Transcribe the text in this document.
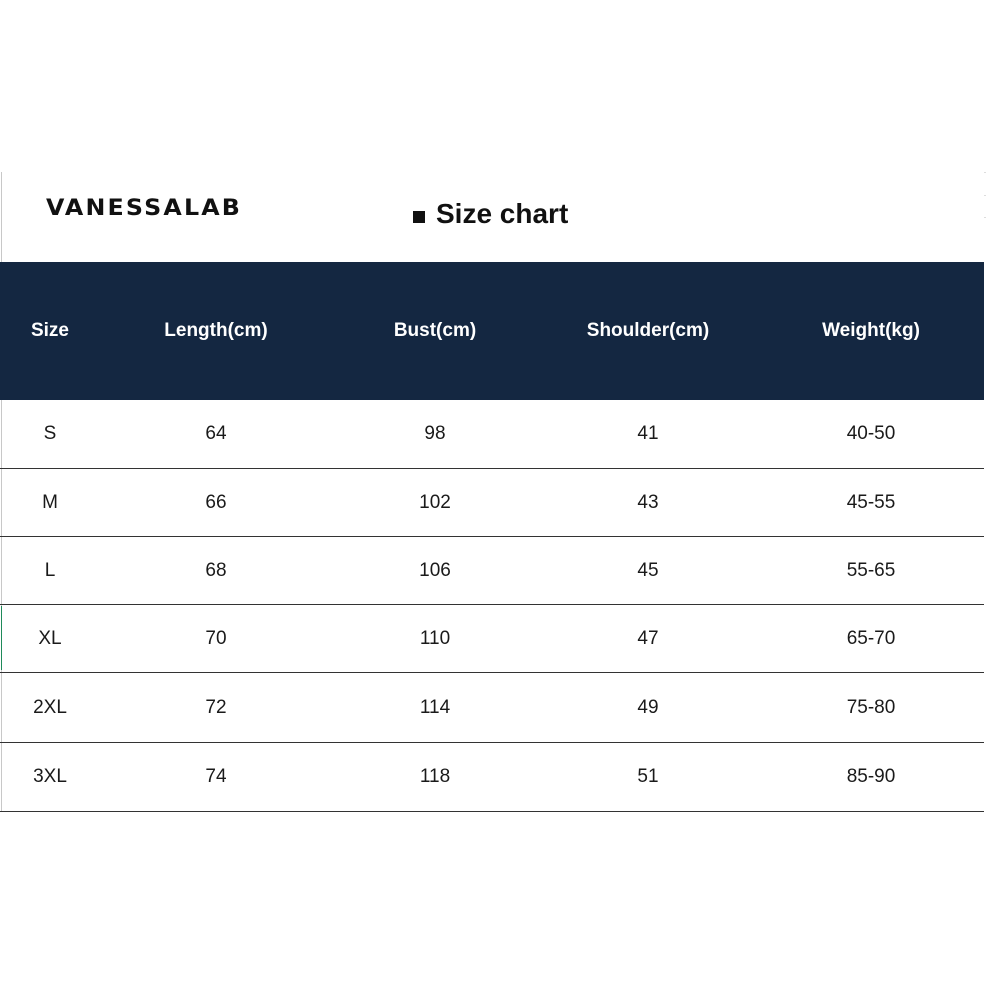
VANESSALAB	Size chart
Size	Length(cm)	Bust(cm)	Shoulder(cm)	Weight(kg)
S	64	98	41	40-50
M	66	102	43	45-55
L	68	106	45	55-65
XL	70	110	47	65-70
2XL	72	114	49	75-80
3XL	74	118	51	85-90
